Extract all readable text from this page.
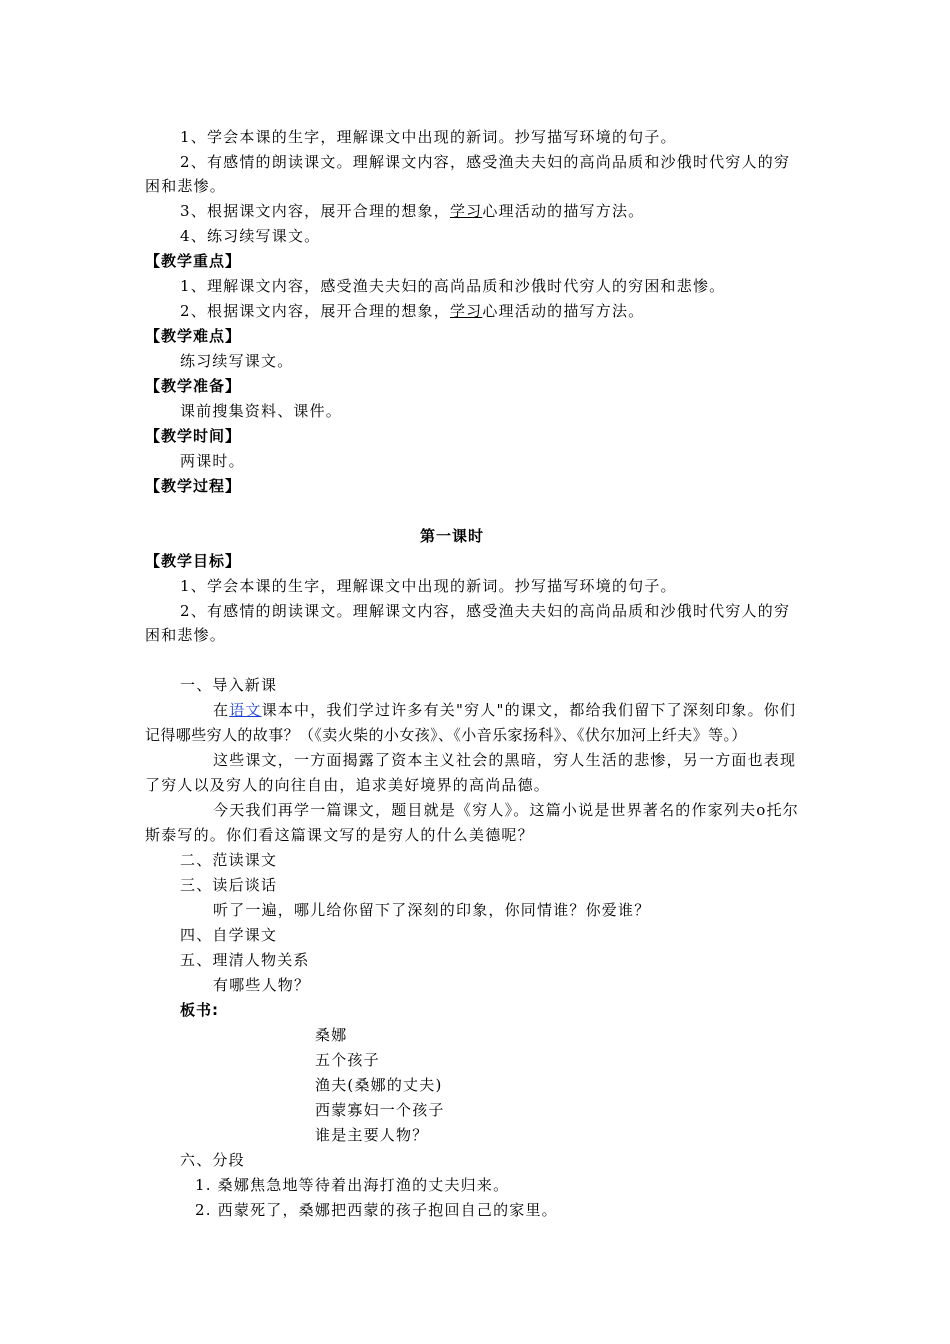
1、学会本课的生字，理解课文中出现的新词。抄写描写环境的句子。
2、有感情的朗读课文。理解课文内容，感受渔夫夫妇的高尚品质和沙俄时代穷人的穷
困和悲惨。
3、根据课文内容，展开合理的想象，学习心理活动的描写方法。
4、练习续写课文。
【教学重点】
1、理解课文内容，感受渔夫夫妇的高尚品质和沙俄时代穷人的穷困和悲惨。
2、根据课文内容，展开合理的想象，学习心理活动的描写方法。
【教学难点】
练习续写课文。
【教学准备】
课前搜集资料、课件。
【教学时间】
两课时。
【教学过程】
第一课时
【教学目标】
1、学会本课的生字，理解课文中出现的新词。抄写描写环境的句子。
2、有感情的朗读课文。理解课文内容，感受渔夫夫妇的高尚品质和沙俄时代穷人的穷
困和悲惨。
一、导入新课
在语文课本中，我们学过许多有关"穷人"的课文，都给我们留下了深刻印象。你们
记得哪些穷人的故事？（《卖火柴的小女孩》、《小音乐家扬科》、《伏尔加河上纤夫》等。）
这些课文，一方面揭露了资本主义社会的黑暗，穷人生活的悲惨，另一方面也表现
了穷人以及穷人的向往自由，追求美好境界的高尚品德。
今天我们再学一篇课文，题目就是《穷人》。这篇小说是世界著名的作家列夫o托尔
斯泰写的。你们看这篇课文写的是穷人的什么美德呢？
二、范读课文
三、读后谈话
听了一遍，哪儿给你留下了深刻的印象，你同情谁？你爱谁？
四、自学课文
五、理清人物关系
有哪些人物？
板书:
桑娜
五个孩子
渔夫(桑娜的丈夫)
西蒙寡妇一个孩子
谁是主要人物？
六、分段
1. 桑娜焦急地等待着出海打渔的丈夫归来。
2. 西蒙死了，桑娜把西蒙的孩子抱回自己的家里。
